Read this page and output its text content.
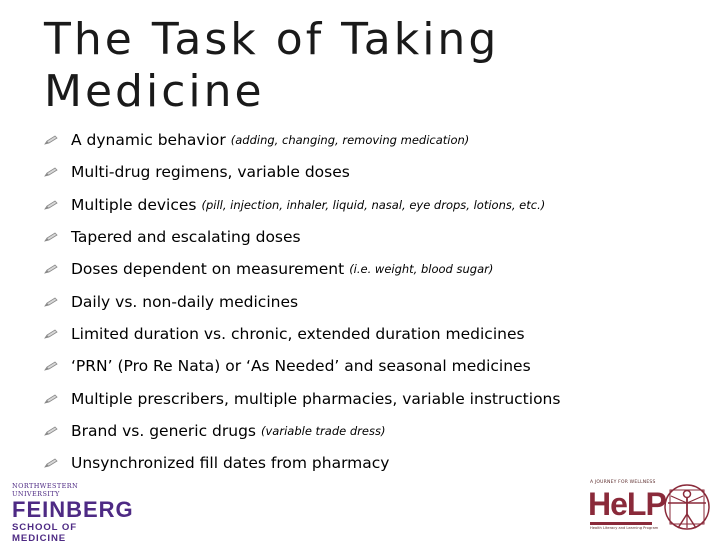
The Task of Taking Medicine
A dynamic behavior (adding, changing, removing medication)
Multi-drug regimens, variable doses
Multiple devices (pill, injection, inhaler, liquid, nasal, eye drops, lotions, etc.)
Tapered and escalating doses
Doses dependent on measurement (i.e. weight, blood sugar)
Daily vs. non-daily medicines
Limited duration vs. chronic, extended duration medicines
‘PRN’ (Pro Re Nata) or ‘As Needed’ and seasonal medicines
Multiple prescribers, multiple pharmacies, variable instructions
Brand vs. generic drugs (variable trade dress)
Unsynchronized fill dates from pharmacy
NORTHWESTERN UNIVERSITY
FEINBERG
SCHOOL OF MEDICINE
A JOURNEY FOR WELLNESS
HeLP
Health Literacy and Learning Program
